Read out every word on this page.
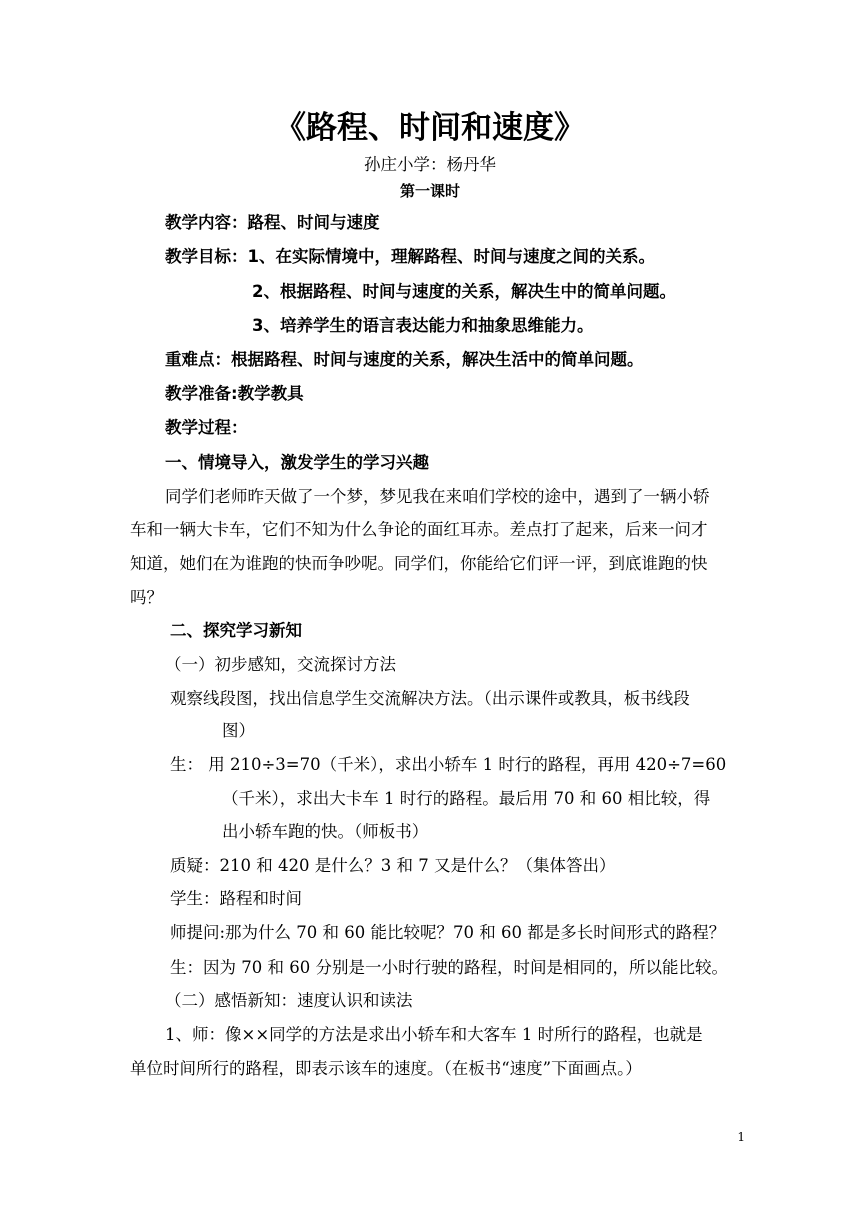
《路程、时间和速度》
孙庄小学：杨丹华
第一课时
教学内容：路程、时间与速度
教学目标：1、在实际情境中，理解路程、时间与速度之间的关系。
2、根据路程、时间与速度的关系，解决生中的简单问题。
3、培养学生的语言表达能力和抽象思维能力。
重难点：根据路程、时间与速度的关系，解决生活中的简单问题。
教学准备:教学教具
教学过程：
一、情境导入，激发学生的学习兴趣
同学们老师昨天做了一个梦，梦见我在来咱们学校的途中，遇到了一辆小轿
车和一辆大卡车，它们不知为什么争论的面红耳赤。差点打了起来，后来一问才
知道，她们在为谁跑的快而争吵呢。同学们，你能给它们评一评，到底谁跑的快
吗？
二、探究学习新知
（一）初步感知，交流探讨方法
观察线段图，找出信息学生交流解决方法。（出示课件或教具，板书线段
图）
生： 用 210÷3=70（千米），求出小轿车 1 时行的路程，再用 420÷7=60
（千米），求出大卡车 1 时行的路程。最后用 70 和 60 相比较，得
出小轿车跑的快。（师板书）
质疑：210 和 420 是什么？3 和 7 又是什么？（集体答出）
学生：路程和时间
师提问:那为什么 70 和 60 能比较呢？70 和 60 都是多长时间形式的路程？
生：因为 70 和 60 分别是一小时行驶的路程，时间是相同的，所以能比较。
（二）感悟新知：速度认识和读法
1、师：像××同学的方法是求出小轿车和大客车 1 时所行的路程，也就是
单位时间所行的路程，即表示该车的速度。（在板书“速度”下面画点。）
1
